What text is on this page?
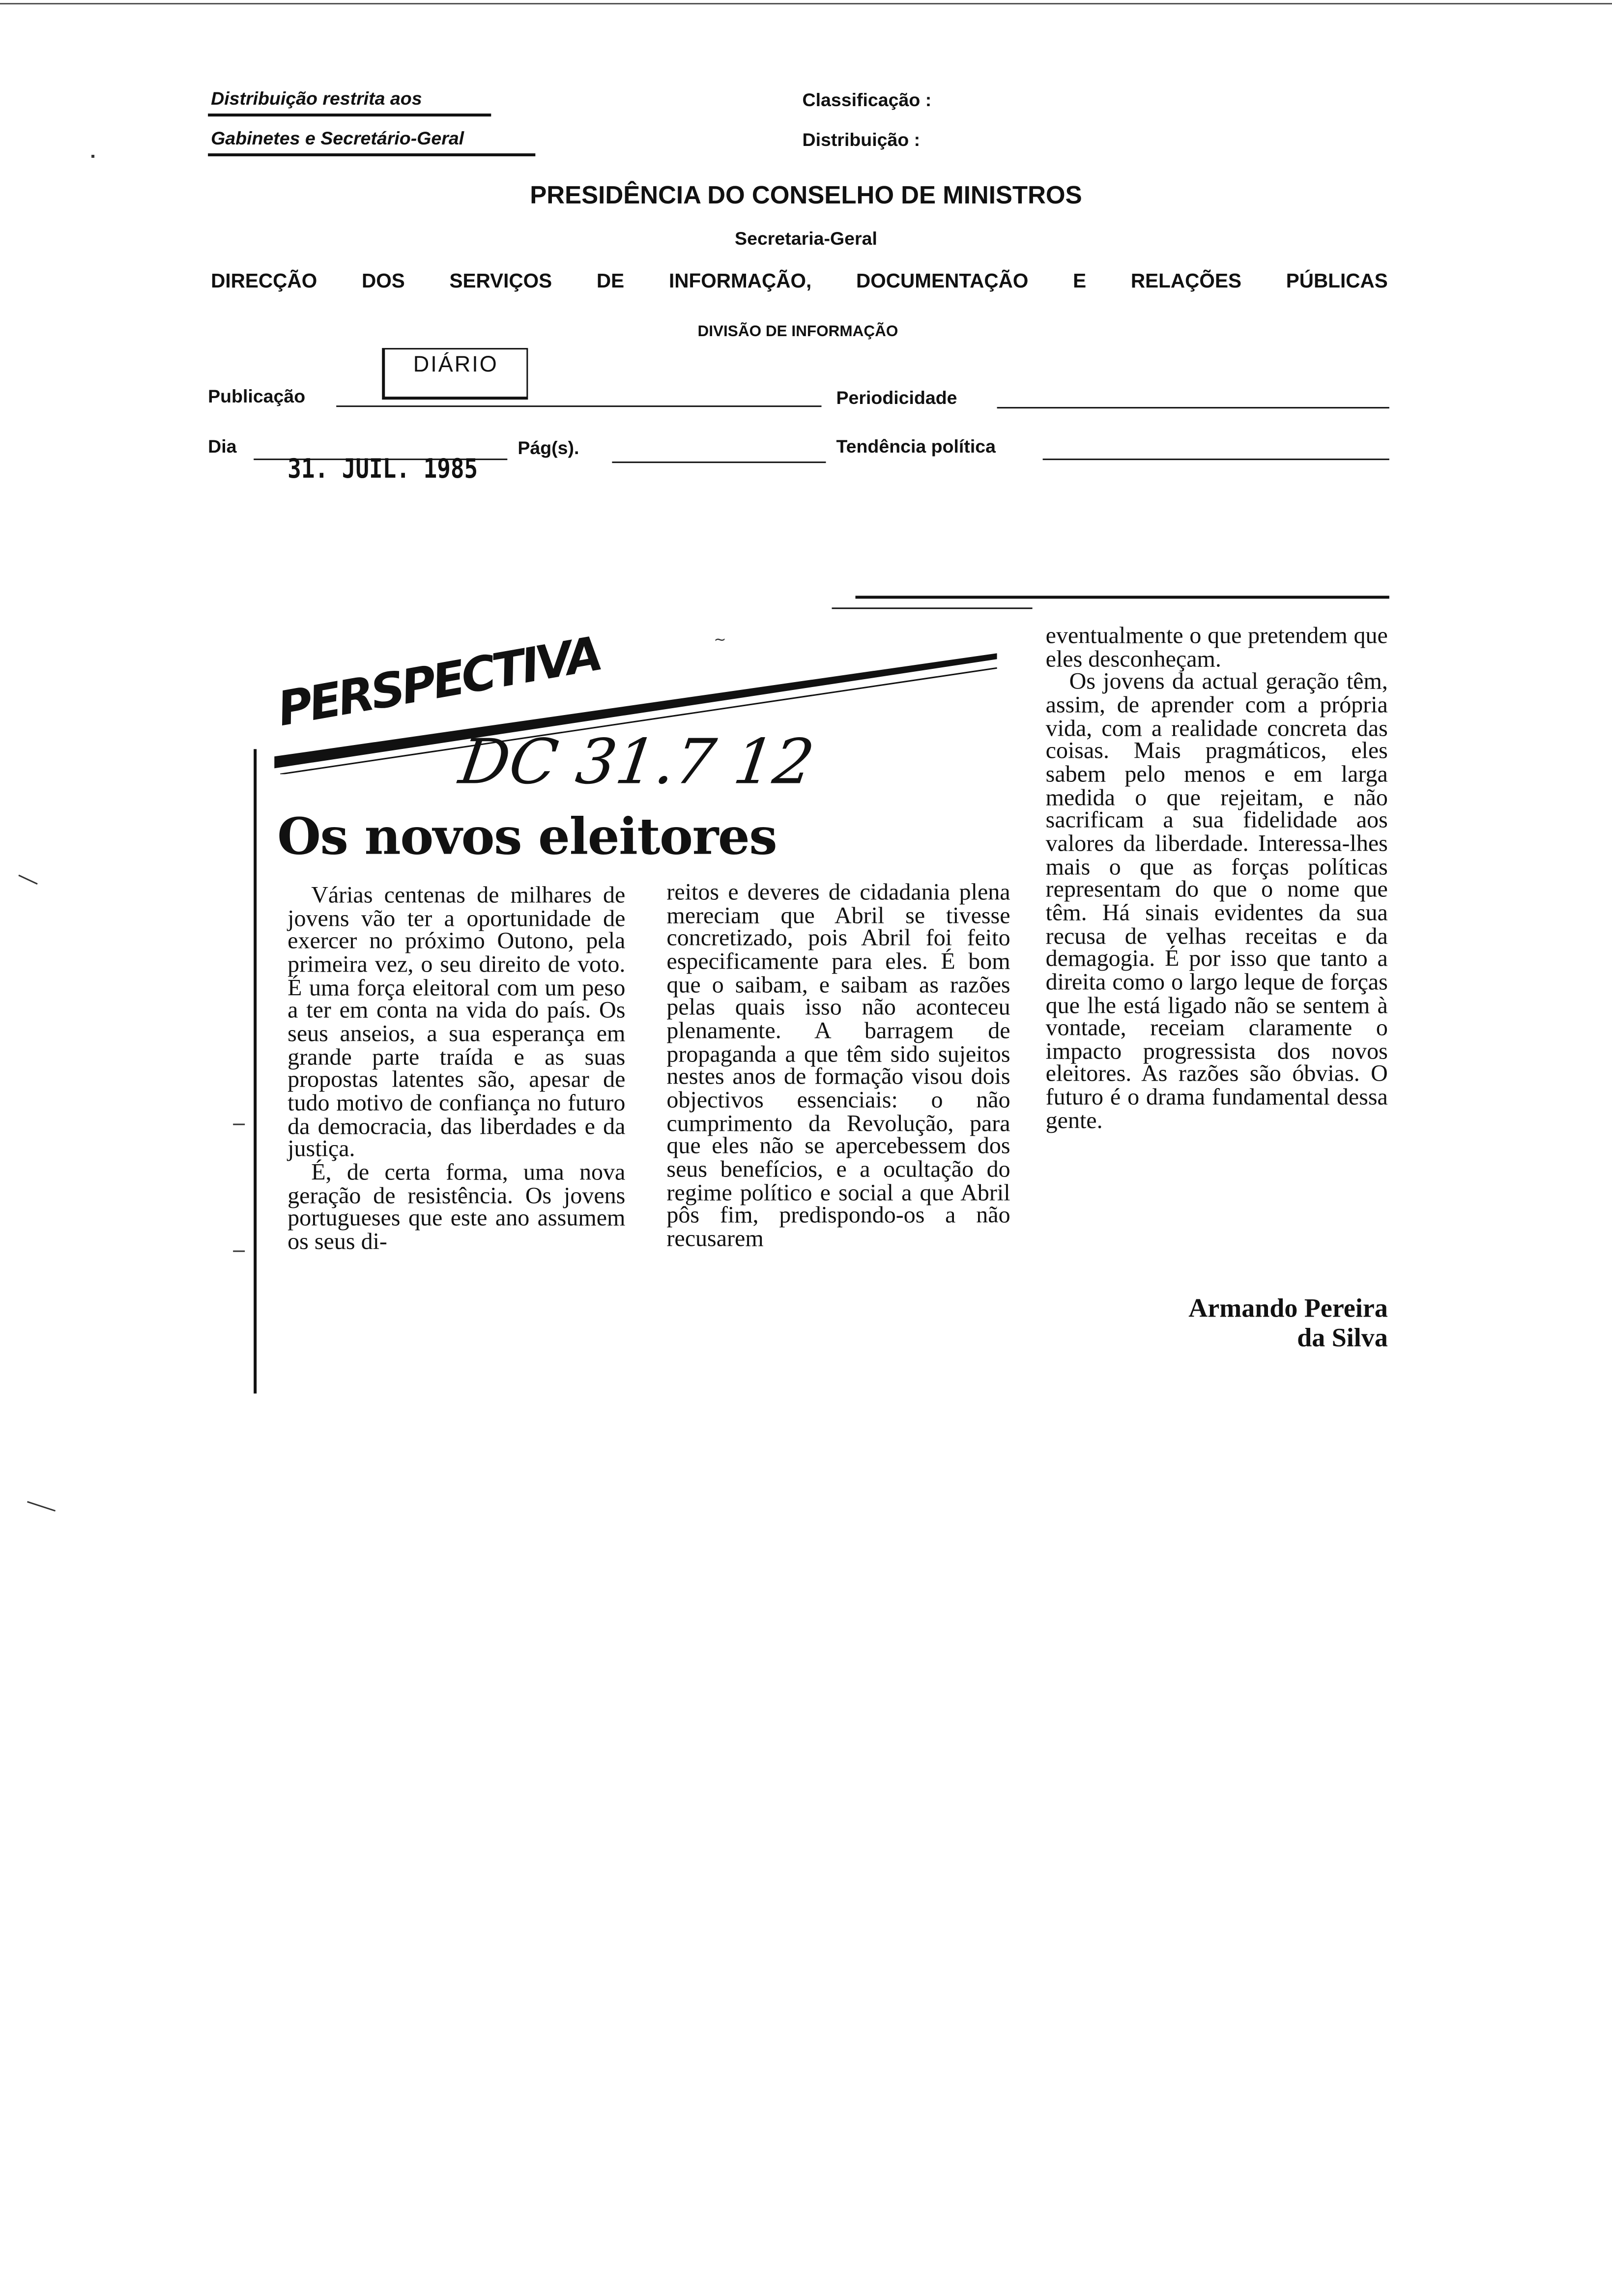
Distribuição restrita aos
Gabinetes e Secretário-Geral
Classificação :
Distribuição :
PRESIDÊNCIA DO CONSELHO DE MINISTROS
Secretaria-Geral
DIRECÇÃO DOS SERVIÇOS DE INFORMAÇÃO, DOCUMENTAÇÃO E RELAÇÕES PÚBLICAS
DIVISÃO DE INFORMAÇÃO
Publicação
DIÁRIO
Periodicidade
Dia
31. JUIL. 1985
Pág(s).	Tendência política
~
PERSPECTIVA
DC 31.7 12
Os novos eleitores

Várias centenas de milhares de jovens vão ter a oportunidade de exercer no próximo Outono, pela primeira vez, o seu direito de voto. É uma força eleitoral com um peso a ter em conta na vida do país. Os seus anseios, a sua esperança em grande parte traída e as suas propostas latentes são, apesar de tudo motivo de confiança no futuro da democracia, das liberdades e da justiça.

É, de certa forma, uma nova geração de resistência. Os jovens portugueses que este ano assumem os seus di-

reitos e deveres de cidadania plena mereciam que Abril se tivesse concretizado, pois Abril foi feito especificamente para eles. É bom que o saibam, e saibam as razões pelas quais isso não aconteceu plenamente. A barragem de propaganda a que têm sido sujeitos nestes anos de formação visou dois objectivos essenciais: o não cumprimento da Revolução, para que eles não se apercebessem dos seus benefícios, e a ocultação do regime político e social a que Abril pôs fim, predispondo-os a não recusarem

eventualmente o que pretendem que eles desconheçam.

Os jovens da actual geração têm, assim, de aprender com a própria vida, com a realidade concreta das coisas. Mais pragmáticos, eles sabem pelo menos e em larga medida o que rejeitam, e não sacrificam a sua fidelidade aos valores da liberdade. Interessa-lhes mais o que as forças políticas representam do que o nome que têm. Há sinais evidentes da sua recusa de velhas receitas e da demagogia. É por isso que tanto a direita como o largo leque de forças que lhe está ligado não se sentem à vontade, receiam claramente o impacto progressista dos novos eleitores. As razões são óbvias. O futuro é o drama fundamental dessa gente.

Armando Pereira
da Silva
